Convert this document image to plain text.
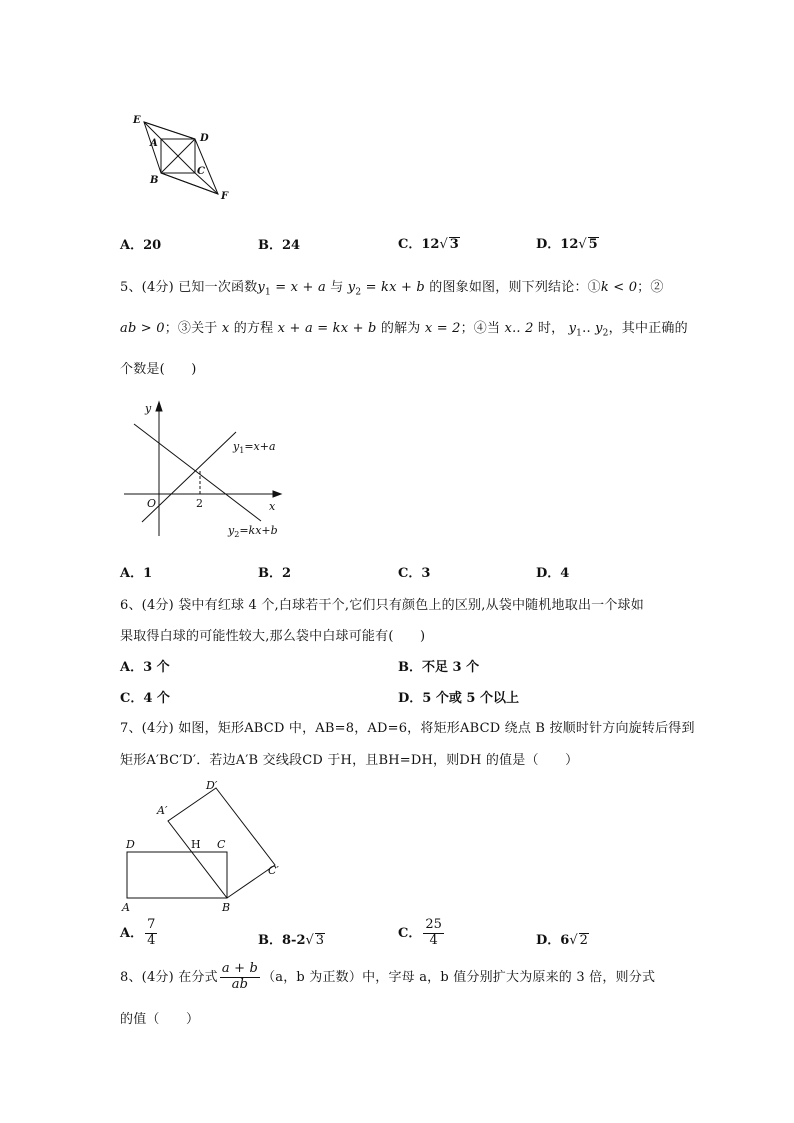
E
A	D
B
C
F
A．20	B．24	C．12√ 3	D．12√ 5
5、(4分) 已知一次函数$y_1 = x + a$ 与 $y_2$ = kx + b 的图象如图，则下列结论：①k < 0；②
ab > 0；③关于 x 的方程 x + a = kx + b 的解为 x = 2；④当 x.. 2 时， $y_1$.. $y_2$，其中正确的
个数是(　　)
y
x
O	2
$y_1=x+a$
$y_2=kx+b$
A．1	B．2	C．3	D．4
6、(4分) 袋中有红球 4 个,白球若干个,它们只有颜色上的区别,从袋中随机地取出一个球如
果取得白球的可能性较大,那么袋中白球可能有(　　)
A．3 个	B．不足 3 个
C．4 个	D．5 个或 5 个以上
7、(4分) 如图，矩形ABCD 中，AB=8，AD=6，将矩形ABCD 绕点 B 按顺时针方向旋转后得到
矩形A′BC′D′．若边A′B 交线段CD 于H，且BH=DH，则DH 的值是（　　）
D′
A′
D	H C
C′
A	B
A． $\frac{7}{4}$	B．8-2√ 3	C． $\frac{25}{4}$	D．6√ 2
8、(4分) 在分式 $\frac{a + b}{ab} (a$，b 为正数）中，字母 a，b 值分别扩大为原来的 3 倍，则分式
的值（　　）
